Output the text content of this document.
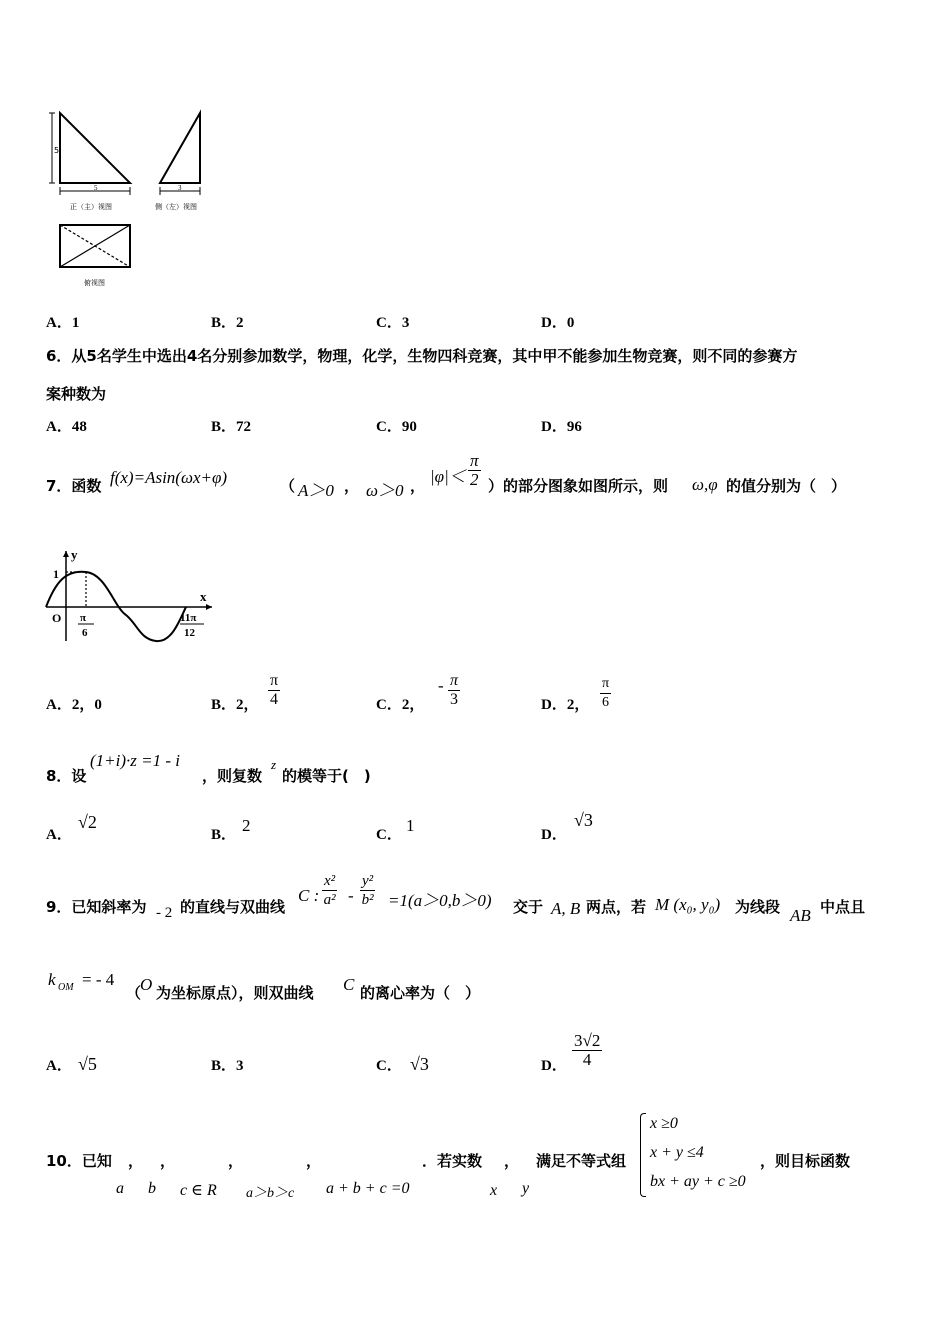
5
5
正（主）视图
3
侧（左）视图
俯视图
A．1	B．2	C．3	D．0
6．从5名学生中选出4名分别参加数学，物理，化学，生物四科竞赛，其中甲不能参加生物竞赛，则不同的参赛方
案种数为
A．48	B．72	C．90	D．96
7．函数 f(x)=Asin(ωx+φ)	（ A＞0 ， ω＞0 ， $|\varphi|< \frac{\pi}{2}$ ）的部分图象如图所示，则 ω,φ 的值分别为（　）
y
x
1
O π
6
11π
12
A．2，0	B．2， $\frac{\pi}{4}$	C．2，
- $\frac{\pi}{3}$	D．2， $\frac{\pi}{6}$
8．设
(1+i)·z =1 - i
，则复数
z
的模等于(　)
A．
√2
B． 2	C． 1	D．
√3
9．已知斜率为 - 2 的直线与双曲线
C : $\frac{\text{x²}}{\text{a²}} - \frac{\text{y²}}{\text{b²}} =1(a>0,b>0)$ 交于 A, B 两点，若 M (x₀, y₀) 为线段 AB 中点且
k OM = - 4
（
O 为坐标原点），则双曲线 C 的离心率为（　）
A． √5	B．3	C． √3	D． $\frac{3√2}{4}$
10．已知 ， ，	，	，	．若实数 ， 满足不等式组	，则目标函数
a b c ∈ R a＞b＞c a + b + c =0	x y
x ≥0
x + y ≤4
bx + ay + c ≥0
